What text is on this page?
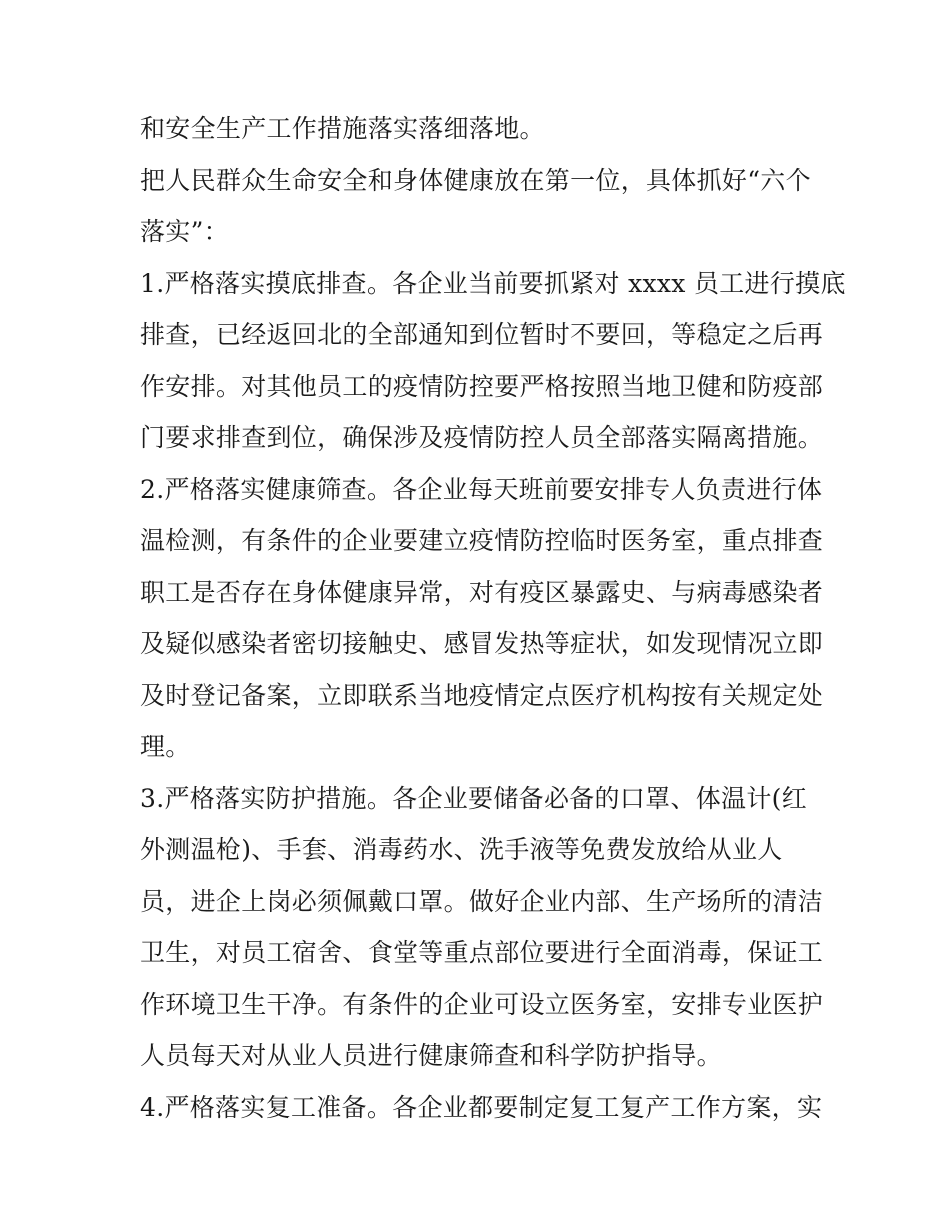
和安全生产工作措施落实落细落地。
把人民群众生命安全和身体健康放在第一位，具体抓好“六个
落实”：
1.严格落实摸底排查。各企业当前要抓紧对 xxxx 员工进行摸底
排查，已经返回北的全部通知到位暂时不要回，等稳定之后再
作安排。对其他员工的疫情防控要严格按照当地卫健和防疫部
门要求排查到位，确保涉及疫情防控人员全部落实隔离措施。
2.严格落实健康筛查。各企业每天班前要安排专人负责进行体
温检测，有条件的企业要建立疫情防控临时医务室，重点排查
职工是否存在身体健康异常，对有疫区暴露史、与病毒感染者
及疑似感染者密切接触史、感冒发热等症状，如发现情况立即
及时登记备案，立即联系当地疫情定点医疗机构按有关规定处
理。
3.严格落实防护措施。各企业要储备必备的口罩、体温计(红
外测温枪)、手套、消毒药水、洗手液等免费发放给从业人
员，进企上岗必须佩戴口罩。做好企业内部、生产场所的清洁
卫生，对员工宿舍、食堂等重点部位要进行全面消毒，保证工
作环境卫生干净。有条件的企业可设立医务室，安排专业医护
人员每天对从业人员进行健康筛查和科学防护指导。
4.严格落实复工准备。各企业都要制定复工复产工作方案，实
